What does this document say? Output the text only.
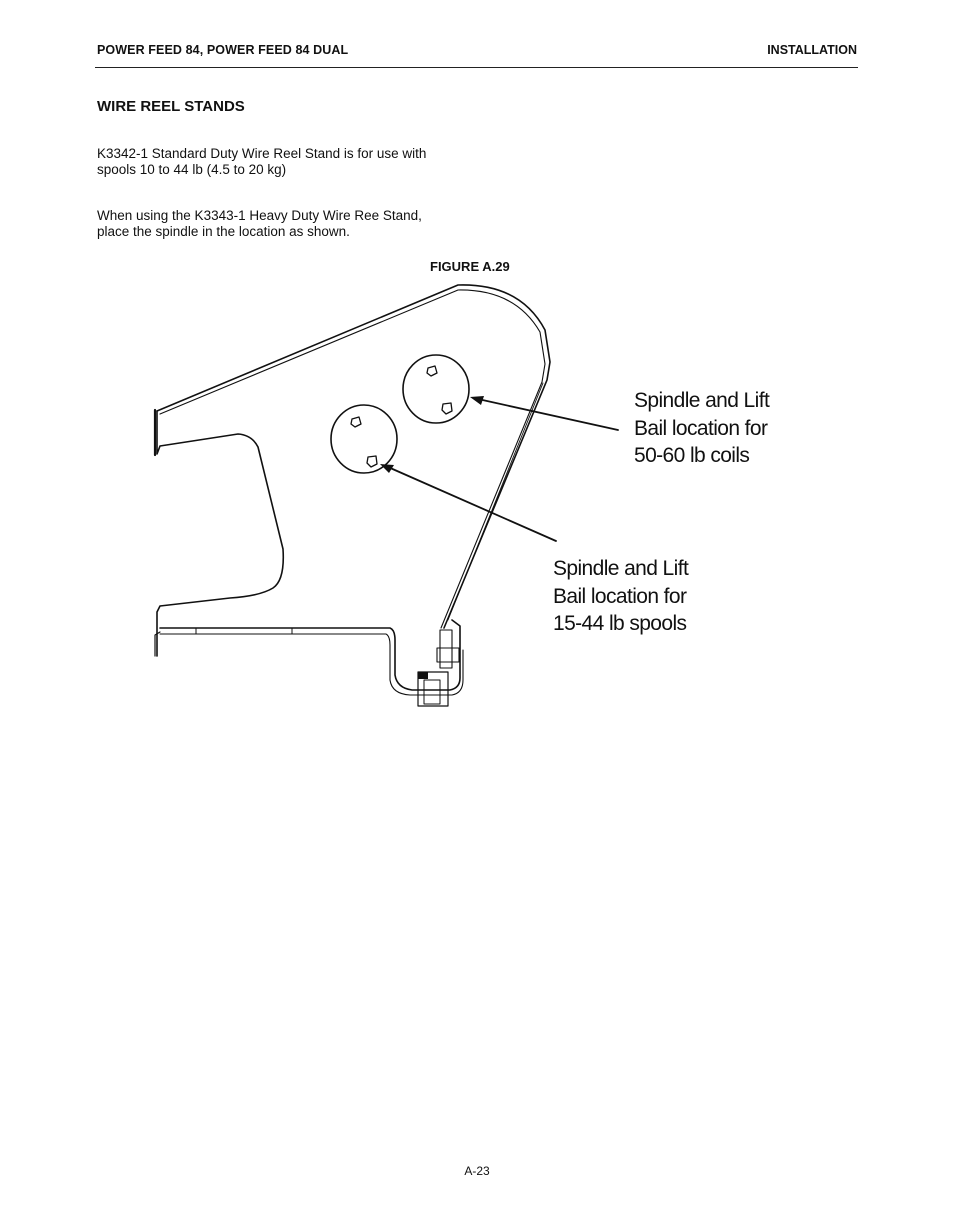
POWER FEED 84, POWER FEED 84 DUAL	INSTALLATION
WIRE REEL STANDS
K3342-1 Standard Duty Wire Reel Stand is for use with
spools 10 to 44 lb (4.5 to 20 kg)
When using the K3343-1 Heavy Duty Wire Ree Stand,
place the spindle in the location as shown.
FIGURE A.29
Spindle and Lift
Bail location for
50-60 lb coils
Spindle and Lift
Bail location for
15-44 lb spools
A-23
